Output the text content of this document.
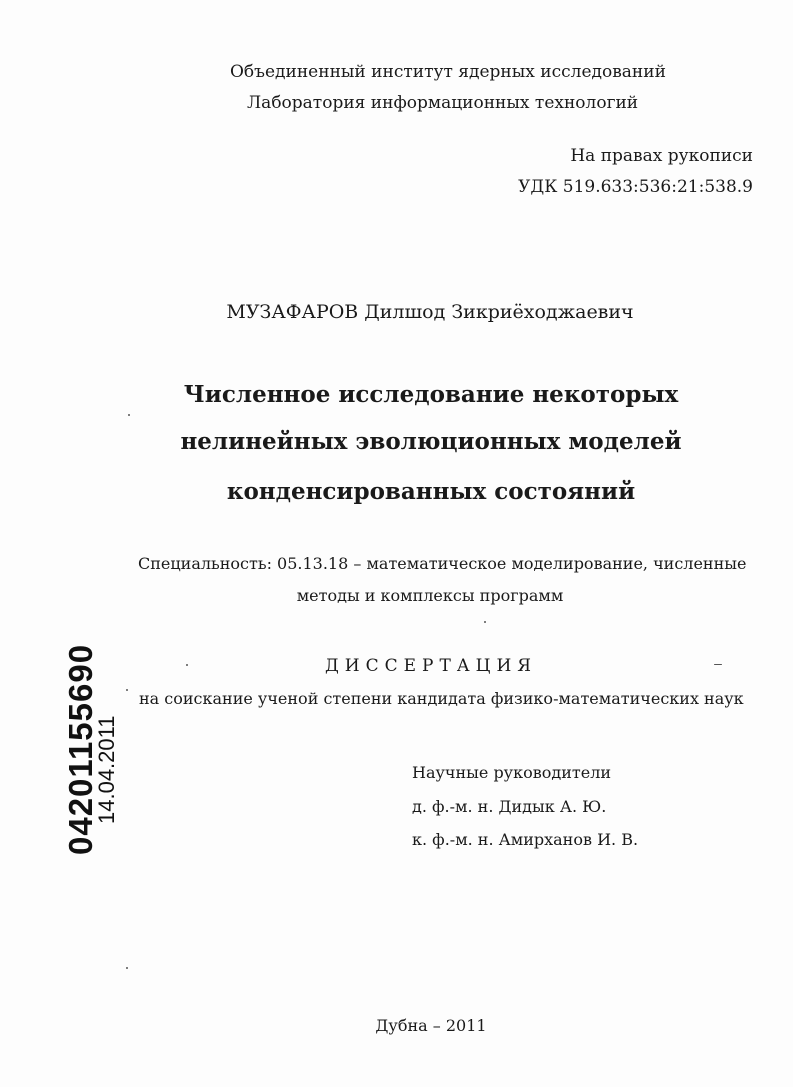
Объединенный институт ядерных исследований
Лаборатория информационных технологий
На правах рукописи
УДК 519.633:536:21:538.9
МУЗАФАРОВ Дилшод Зикриёходжаевич
Численное исследование некоторых
нелинейных эволюционных моделей
конденсированных состояний
Специальность: 05.13.18 – математическое моделирование, численные
методы и комплексы программ
ДИССЕРТАЦИЯ
на соискание ученой степени кандидата физико-математических наук
Научные руководители
д. ф.-м. н. Дидык А. Ю.
к. ф.-м. н. Амирханов И. В.
Дубна – 2011
04201155690
14.04.2011
